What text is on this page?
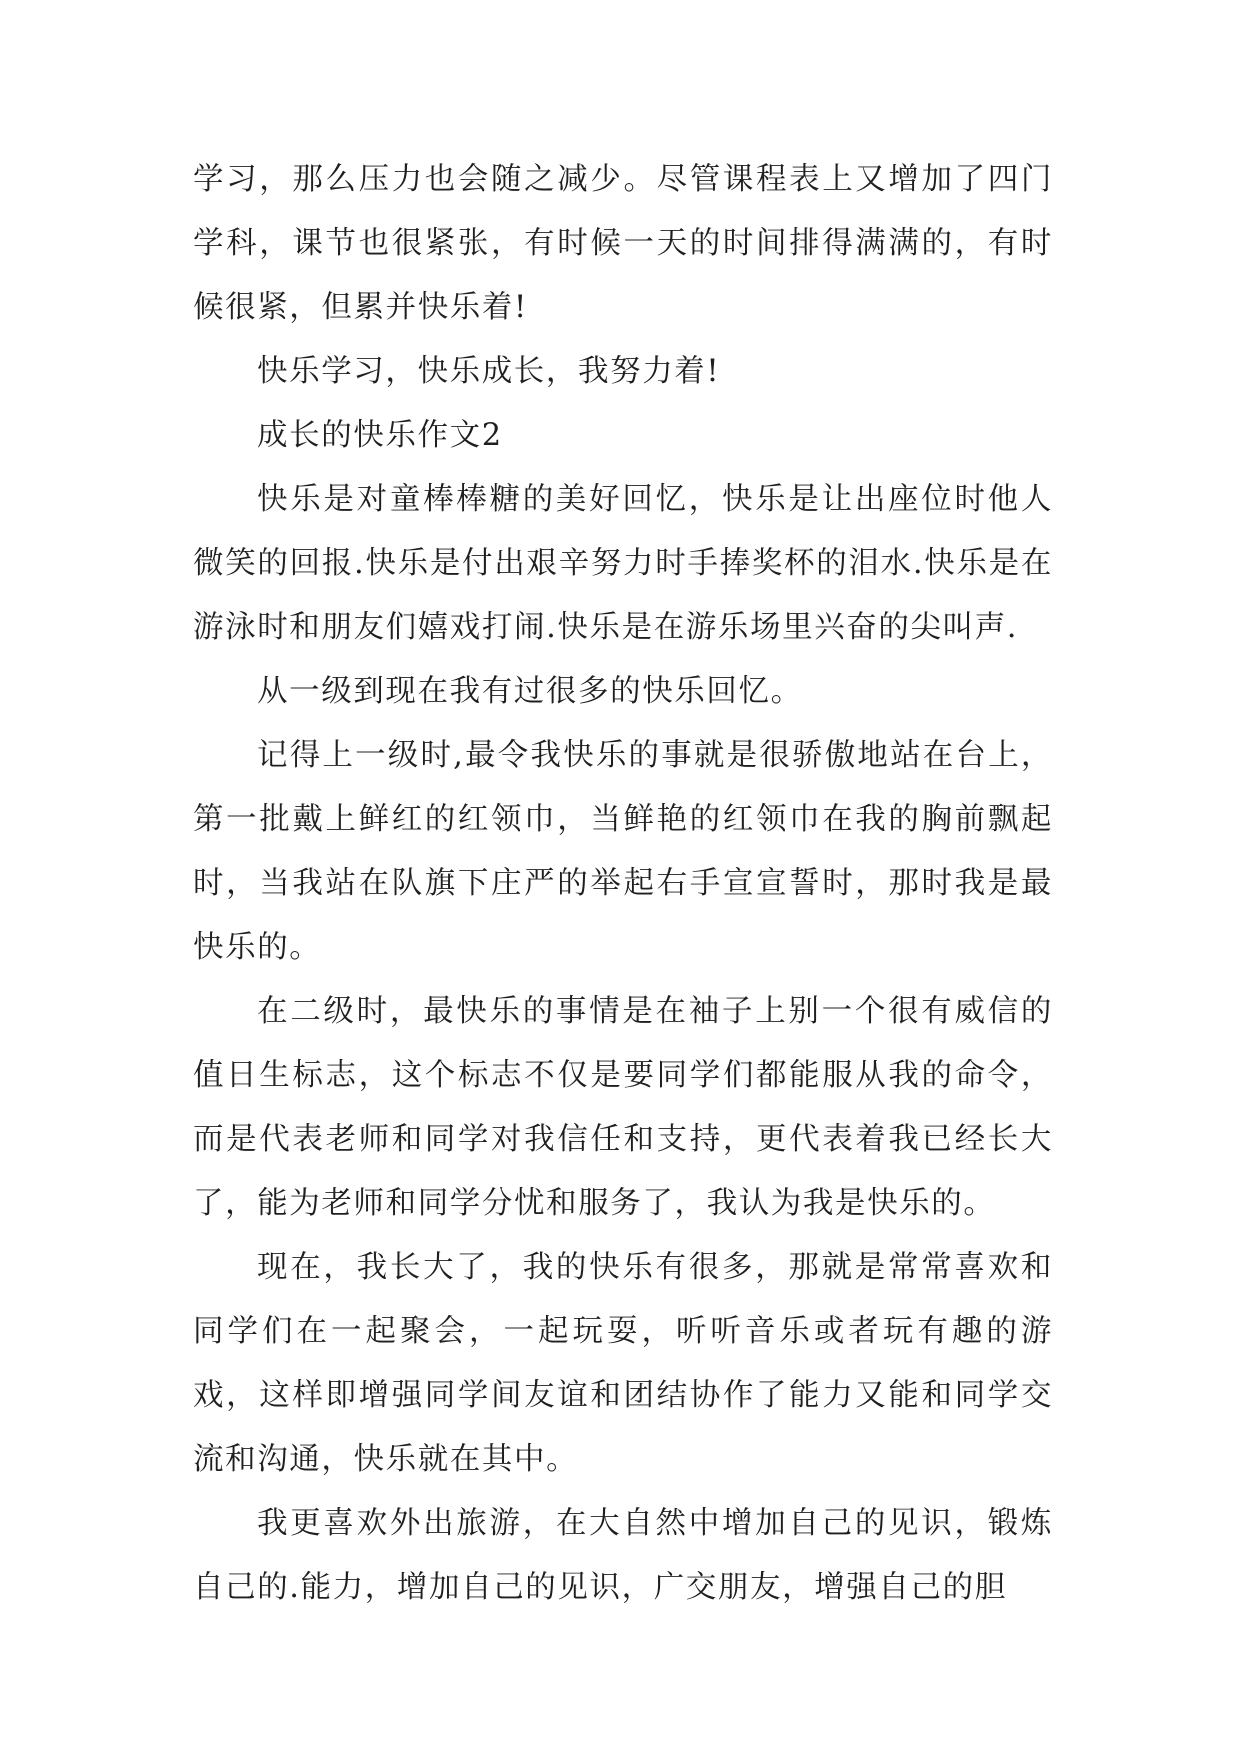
学习，那么压力也会随之减少。尽管课程表上又增加了四门学科，课节也很紧张，有时候一天的时间排得满满的，有时候很紧，但累并快乐着!

快乐学习，快乐成长，我努力着!

成长的快乐作文2

快乐是对童棒棒糖的美好回忆，快乐是让出座位时他人微笑的回报.快乐是付出艰辛努力时手捧奖杯的泪水.快乐是在游泳时和朋友们嬉戏打闹.快乐是在游乐场里兴奋的尖叫声.

从一级到现在我有过很多的快乐回忆。

记得上一级时,最令我快乐的事就是很骄傲地站在台上，第一批戴上鲜红的红领巾，当鲜艳的红领巾在我的胸前飘起时，当我站在队旗下庄严的举起右手宣宣誓时，那时我是最快乐的。

在二级时，最快乐的事情是在袖子上别一个很有威信的值日生标志，这个标志不仅是要同学们都能服从我的命令，而是代表老师和同学对我信任和支持，更代表着我已经长大了，能为老师和同学分忧和服务了，我认为我是快乐的。

现在，我长大了，我的快乐有很多，那就是常常喜欢和同学们在一起聚会，一起玩耍，听听音乐或者玩有趣的游戏，这样即增强同学间友谊和团结协作了能力又能和同学交流和沟通，快乐就在其中。

我更喜欢外出旅游，在大自然中增加自己的见识，锻炼自己的.能力，增加自己的见识，广交朋友，增强自己的胆
